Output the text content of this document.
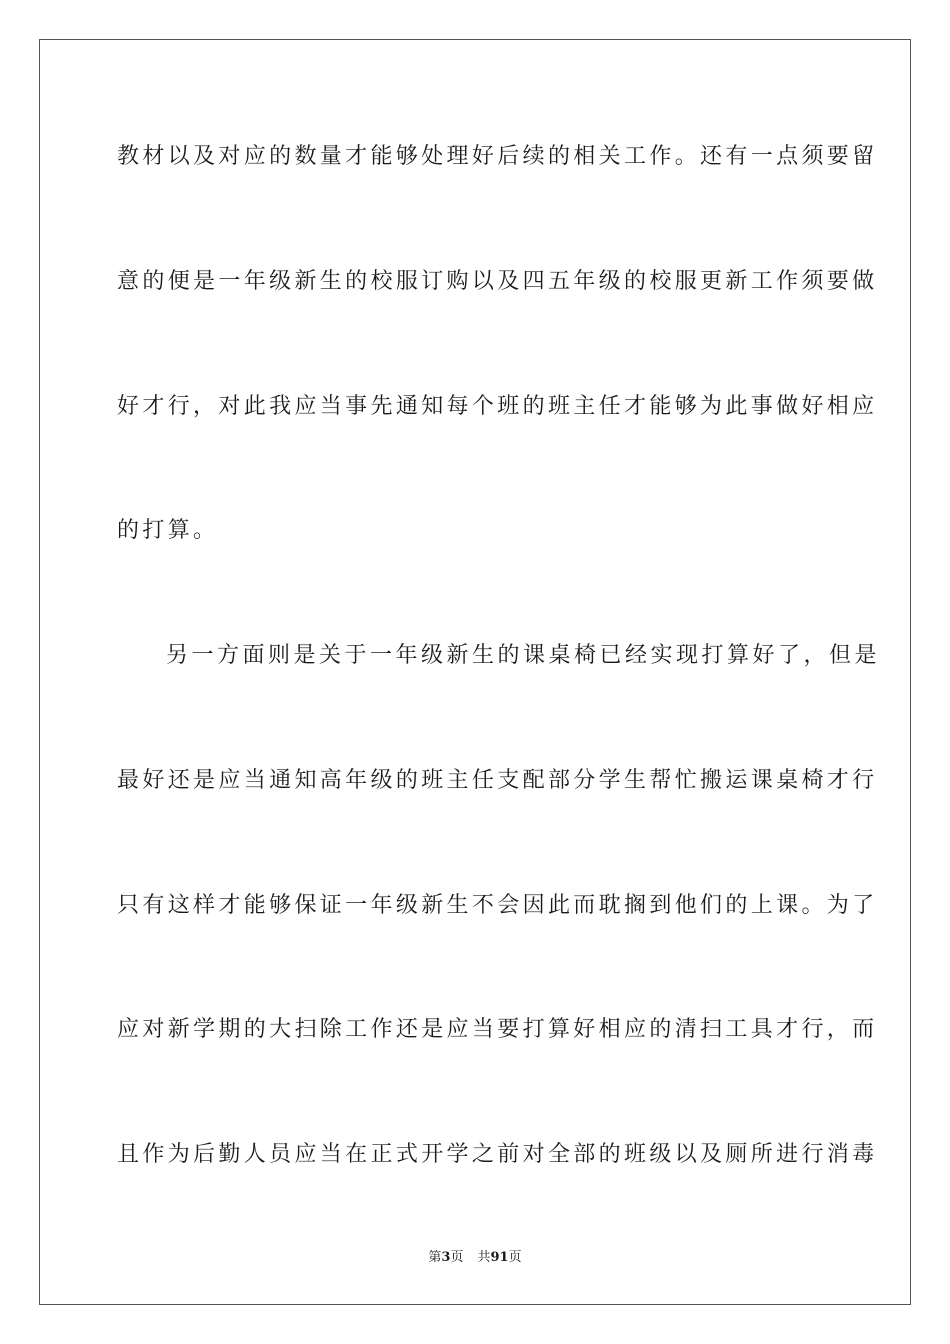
教材以及对应的数量才能够处理好后续的相关工作。还有一点须要留
意的便是一年级新生的校服订购以及四五年级的校服更新工作须要做
好才行，对此我应当事先通知每个班的班主任才能够为此事做好相应
的打算。
另一方面则是关于一年级新生的课桌椅已经实现打算好了，但是
最好还是应当通知高年级的班主任支配部分学生帮忙搬运课桌椅才行
只有这样才能够保证一年级新生不会因此而耽搁到他们的上课。为了
应对新学期的大扫除工作还是应当要打算好相应的清扫工具才行，而
且作为后勤人员应当在正式开学之前对全部的班级以及厕所进行消毒
第3页 共91页
